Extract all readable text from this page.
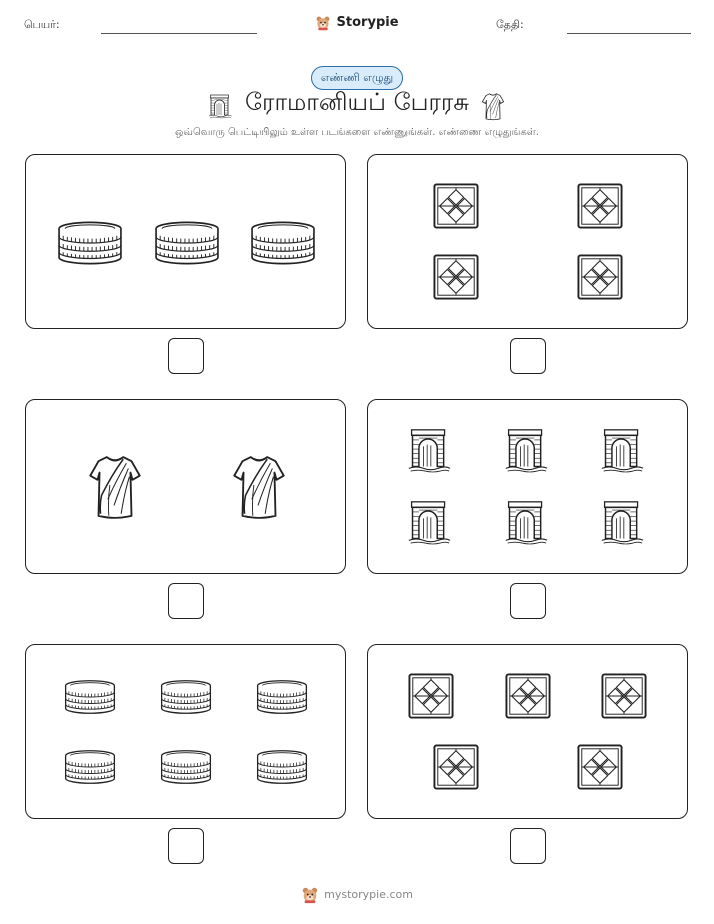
பெயர்:	Storypie	தேதி:
எண்ணி எழுது
ரோமானியப் பேரரசு
ஒவ்வொரு பெட்டியிலும் உள்ள படங்களை எண்ணுங்கள். எண்ணை எழுதுங்கள்.
mystorypie.com
